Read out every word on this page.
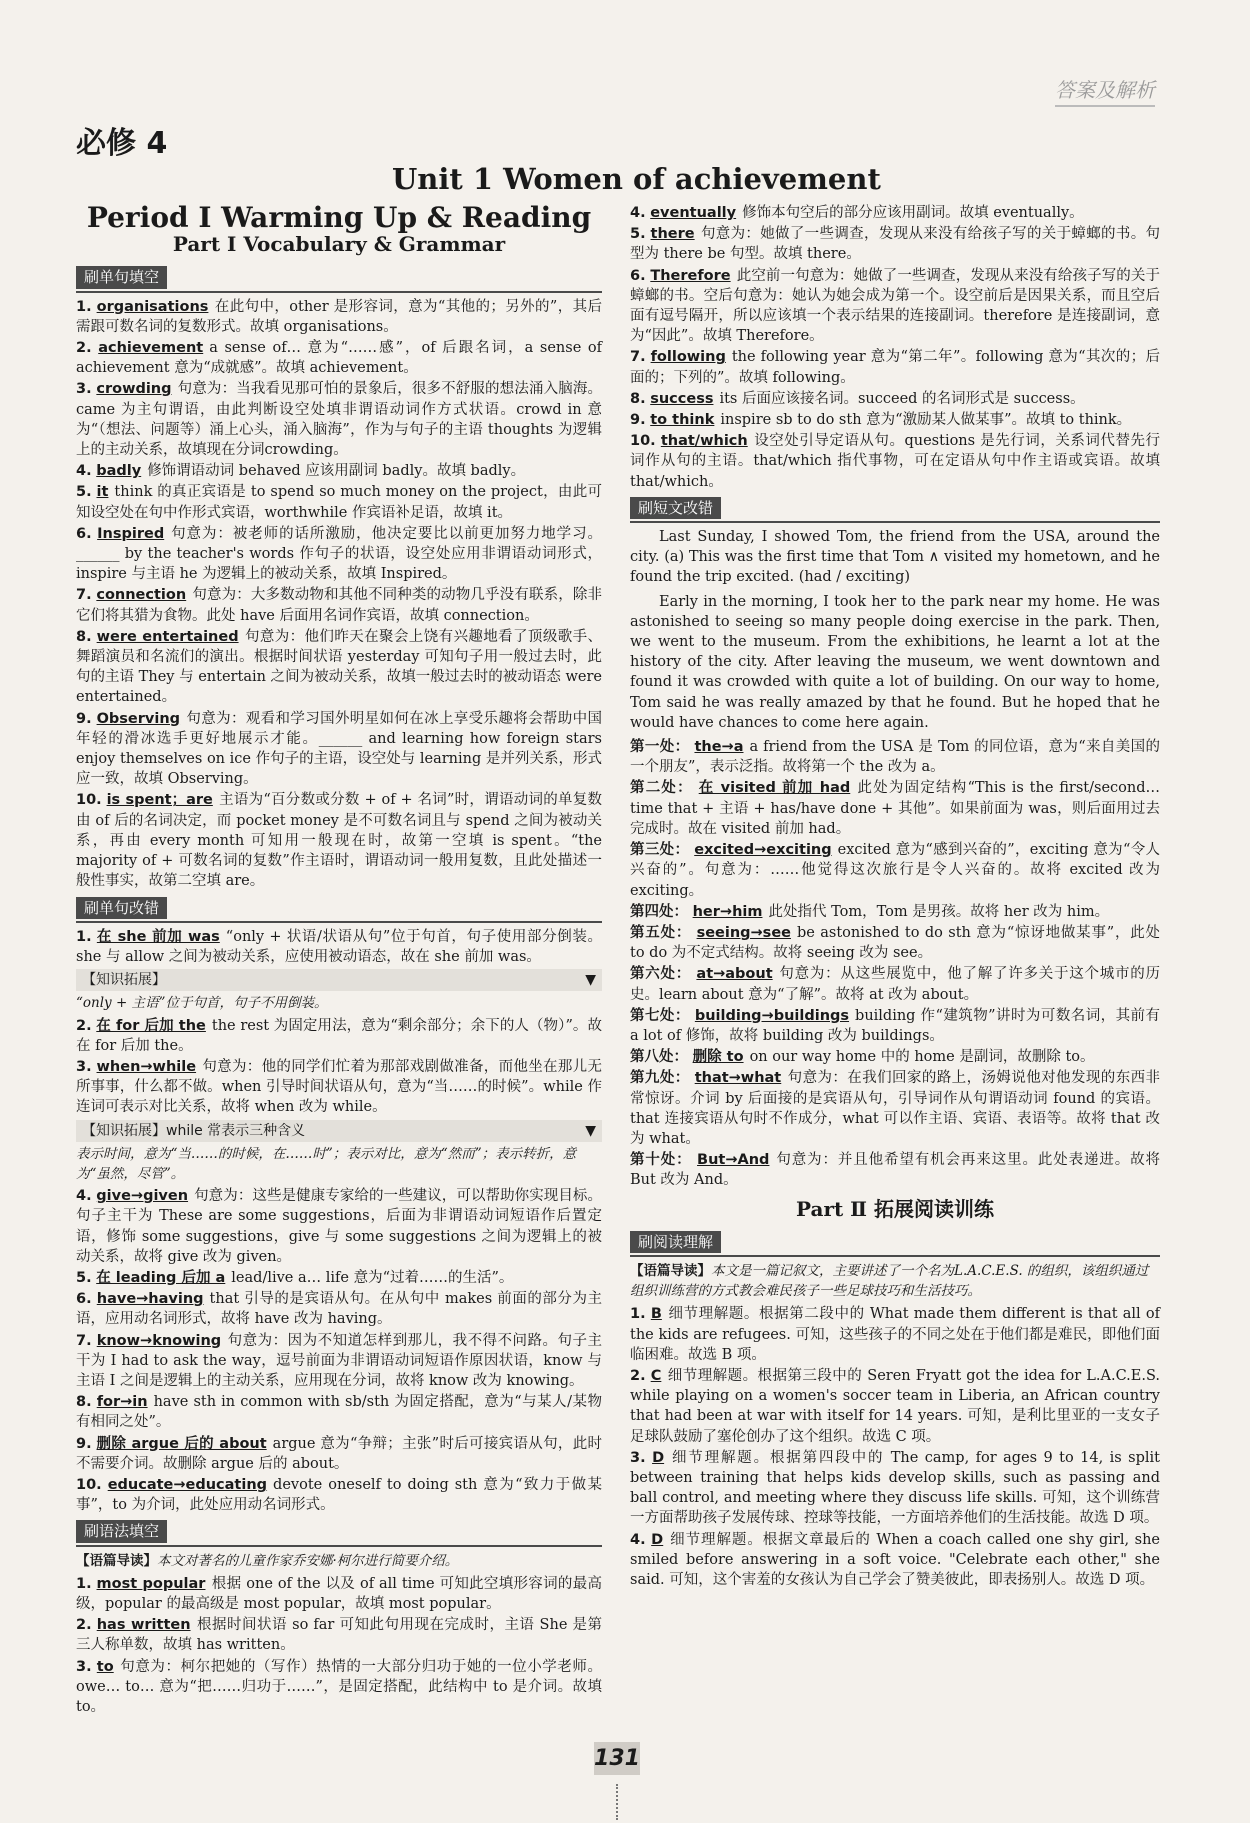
答案及解析
必修 4
Unit 1 Women of achievement
Period Ⅰ Warming Up & Reading
Part Ⅰ Vocabulary & Grammar
刷单句填空
1. organisations 在此句中，other 是形容词，意为“其他的；另外的”，其后需跟可数名词的复数形式。故填 organisations。
2. achievement a sense of… 意为“……感”，of 后跟名词，a sense of achievement 意为“成就感”。故填 achievement。
3. crowding 句意为：当我看见那可怕的景象后，很多不舒服的想法涌入脑海。came 为主句谓语，由此判断设空处填非谓语动词作方式状语。crowd in 意为“（想法、问题等）涌上心头，涌入脑海”，作为与句子的主语 thoughts 为逻辑上的主动关系，故填现在分词crowding。
4. badly 修饰谓语动词 behaved 应该用副词 badly。故填 badly。
5. it think 的真正宾语是 to spend so much money on the project，由此可知设空处在句中作形式宾语，worthwhile 作宾语补足语，故填 it。
6. Inspired 句意为：被老师的话所激励，他决定要比以前更加努力地学习。______ by the teacher's words 作句子的状语，设空处应用非谓语动词形式，inspire 与主语 he 为逻辑上的被动关系，故填 Inspired。
7. connection 句意为：大多数动物和其他不同种类的动物几乎没有联系，除非它们将其猎为食物。此处 have 后面用名词作宾语，故填 connection。
8. were entertained 句意为：他们昨天在聚会上饶有兴趣地看了顶级歌手、舞蹈演员和名流们的演出。根据时间状语 yesterday 可知句子用一般过去时，此句的主语 They 与 entertain 之间为被动关系，故填一般过去时的被动语态 were entertained。
9. Observing 句意为：观看和学习国外明星如何在冰上享受乐趣将会帮助中国年轻的滑冰选手更好地展示才能。______ and learning how foreign stars enjoy themselves on ice 作句子的主语，设空处与 learning 是并列关系，形式应一致，故填 Observing。
10. is spent；are 主语为“百分数或分数 + of + 名词”时，谓语动词的单复数由 of 后的名词决定，而 pocket money 是不可数名词且与 spend 之间为被动关系，再由 every month 可知用一般现在时，故第一空填 is spent。“the majority of + 可数名词的复数”作主语时，谓语动词一般用复数，且此处描述一般性事实，故第二空填 are。
刷单句改错
1. 在 she 前加 was “only + 状语/状语从句”位于句首，句子使用部分倒装。she 与 allow 之间为被动关系，应使用被动语态，故在 she 前加 was。
【知识拓展】	▼
“only + 主语”位于句首，句子不用倒装。
2. 在 for 后加 the the rest 为固定用法，意为“剩余部分；余下的人（物）”。故在 for 后加 the。
3. when→while 句意为：他的同学们忙着为那部戏剧做准备，而他坐在那儿无所事事，什么都不做。when 引导时间状语从句，意为“当……的时候”。while 作连词可表示对比关系，故将 when 改为 while。
【知识拓展】while 常表示三种含义	▼
表示时间，意为“当……的时候，在……时”；表示对比，意为“然而”；表示转折，意为“虽然，尽管”。
4. give→given 句意为：这些是健康专家给的一些建议，可以帮助你实现目标。句子主干为 These are some suggestions，后面为非谓语动词短语作后置定语，修饰 some suggestions，give 与 some suggestions 之间为逻辑上的被动关系，故将 give 改为 given。
5. 在 leading 后加 a lead/live a… life 意为“过着……的生活”。
6. have→having that 引导的是宾语从句。在从句中 makes 前面的部分为主语，应用动名词形式，故将 have 改为 having。
7. know→knowing 句意为：因为不知道怎样到那儿，我不得不问路。句子主干为 I had to ask the way，逗号前面为非谓语动词短语作原因状语，know 与主语 I 之间是逻辑上的主动关系，应用现在分词，故将 know 改为 knowing。
8. for→in have sth in common with sb/sth 为固定搭配，意为“与某人/某物有相同之处”。
9. 删除 argue 后的 about argue 意为“争辩；主张”时后可接宾语从句，此时不需要介词。故删除 argue 后的 about。
10. educate→educating devote oneself to doing sth 意为“致力于做某事”，to 为介词，此处应用动名词形式。
刷语法填空
【语篇导读】本文对著名的儿童作家乔安娜·柯尔进行简要介绍。
1. most popular 根据 one of the 以及 of all time 可知此空填形容词的最高级，popular 的最高级是 most popular，故填 most popular。
2. has written 根据时间状语 so far 可知此句用现在完成时，主语 She 是第三人称单数，故填 has written。
3. to 句意为：柯尔把她的（写作）热情的一大部分归功于她的一位小学老师。owe… to… 意为“把……归功于……”，是固定搭配，此结构中 to 是介词。故填 to。
4. eventually 修饰本句空后的部分应该用副词。故填 eventually。
5. there 句意为：她做了一些调查，发现从来没有给孩子写的关于蟑螂的书。句型为 there be 句型。故填 there。
6. Therefore 此空前一句意为：她做了一些调查，发现从来没有给孩子写的关于蟑螂的书。空后句意为：她认为她会成为第一个。设空前后是因果关系，而且空后面有逗号隔开，所以应该填一个表示结果的连接副词。therefore 是连接副词，意为“因此”。故填 Therefore。
7. following the following year 意为“第二年”。following 意为“其次的；后面的；下列的”。故填 following。
8. success its 后面应该接名词。succeed 的名词形式是 success。
9. to think inspire sb to do sth 意为“激励某人做某事”。故填 to think。
10. that/which 设空处引导定语从句。questions 是先行词，关系词代替先行词作从句的主语。that/which 指代事物，可在定语从句中作主语或宾语。故填 that/which。
刷短文改错

Last Sunday, I showed Tom, the friend from the USA, around the city. (a) This was the first time that Tom ∧ visited my hometown, and he found the trip excited. (had / exciting)

Early in the morning, I took her to the park near my home. He was astonished to seeing so many people doing exercise in the park. Then, we went to the museum. From the exhibitions, he learnt a lot at the history of the city. After leaving the museum, we went downtown and found it was crowded with quite a lot of building. On our way to home, Tom said he was really amazed by that he found. But he hoped that he would have chances to come here again.

第一处： the→a a friend from the USA 是 Tom 的同位语，意为“来自美国的一个朋友”，表示泛指。故将第一个 the 改为 a。
第二处： 在 visited 前加 had 此处为固定结构“This is the first/second… time that + 主语 + has/have done + 其他”。如果前面为 was，则后面用过去完成时。故在 visited 前加 had。
第三处： excited→exciting excited 意为“感到兴奋的”，exciting 意为“令人兴奋的”。句意为：……他觉得这次旅行是令人兴奋的。故将 excited 改为 exciting。
第四处： her→him 此处指代 Tom，Tom 是男孩。故将 her 改为 him。
第五处： seeing→see be astonished to do sth 意为“惊讶地做某事”，此处 to do 为不定式结构。故将 seeing 改为 see。
第六处： at→about 句意为：从这些展览中，他了解了许多关于这个城市的历史。learn about 意为“了解”。故将 at 改为 about。
第七处： building→buildings building 作“建筑物”讲时为可数名词，其前有 a lot of 修饰，故将 building 改为 buildings。
第八处： 删除 to on our way home 中的 home 是副词，故删除 to。
第九处： that→what 句意为：在我们回家的路上，汤姆说他对他发现的东西非常惊讶。介词 by 后面接的是宾语从句，引导词作从句谓语动词 found 的宾语。that 连接宾语从句时不作成分，what 可以作主语、宾语、表语等。故将 that 改为 what。
第十处： But→And 句意为：并且他希望有机会再来这里。此处表递进。故将 But 改为 And。
Part Ⅱ 拓展阅读训练
刷阅读理解
【语篇导读】本文是一篇记叙文，主要讲述了一个名为L.A.C.E.S. 的组织，该组织通过组织训练营的方式教会难民孩子一些足球技巧和生活技巧。
1. B 细节理解题。根据第二段中的 What made them different is that all of the kids are refugees. 可知，这些孩子的不同之处在于他们都是难民，即他们面临困难。故选 B 项。
2. C 细节理解题。根据第三段中的 Seren Fryatt got the idea for L.A.C.E.S. while playing on a women's soccer team in Liberia, an African country that had been at war with itself for 14 years. 可知，是利比里亚的一支女子足球队鼓励了塞伦创办了这个组织。故选 C 项。
3. D 细节理解题。根据第四段中的 The camp, for ages 9 to 14, is split between training that helps kids develop skills, such as passing and ball control, and meeting where they discuss life skills. 可知，这个训练营一方面帮助孩子发展传球、控球等技能，一方面培养他们的生活技能。故选 D 项。
4. D 细节理解题。根据文章最后的 When a coach called one shy girl, she smiled before answering in a soft voice. "Celebrate each other," she said. 可知，这个害羞的女孩认为自己学会了赞美彼此，即表扬别人。故选 D 项。
131
